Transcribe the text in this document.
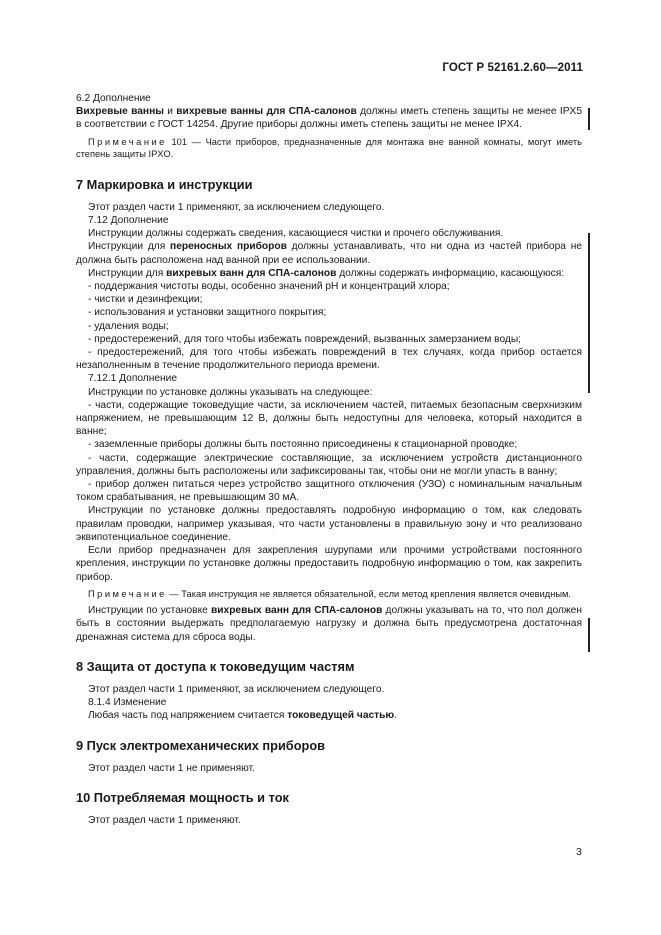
ГОСТ Р 52161.2.60—2011

6.2 Дополнение

Вихревые ванны и вихревые ванны для СПА-салонов должны иметь степень защиты не менее IPX5 в соответствии с ГОСТ 14254. Другие приборы должны иметь степень защиты не менее IPX4.

Примечание 101 — Части приборов, предназначенные для монтажа вне ванной комнаты, могут иметь степень защиты IPXO.

7 Маркировка и инструкции

Этот раздел части 1 применяют, за исключением следующего.

7.12 Дополнение

Инструкции должны содержать сведения, касающиеся чистки и прочего обслуживания.

Инструкции для переносных приборов должны устанавливать, что ни одна из частей прибора не должна быть расположена над ванной при ее использовании.

Инструкции для вихревых ванн для СПА-салонов должны содержать информацию, касающуюся:

- поддержания чистоты воды, особенно значений pH и концентраций хлора;

- чистки и дезинфекции;

- использования и установки защитного покрытия;

- удаления воды;

- предостережений, для того чтобы избежать повреждений, вызванных замерзанием воды;

- предостережений, для того чтобы избежать повреждений в тех случаях, когда прибор остается незаполненным в течение продолжительного периода времени.

7.12.1 Дополнение

Инструкции по установке должны указывать на следующее:

- части, содержащие токоведущие части, за исключением частей, питаемых безопасным сверхнизким напряжением, не превышающим 12 В, должны быть недоступны для человека, который находится в ванне;

- заземленные приборы должны быть постоянно присоединены к стационарной проводке;

- части, содержащие электрические составляющие, за исключением устройств дистанционного управления, должны быть расположены или зафиксированы так, чтобы они не могли упасть в ванну;

- прибор должен питаться через устройство защитного отключения (УЗО) с номинальным начальным током срабатывания, не превышающим 30 мА.

Инструкции по установке должны предоставлять подробную информацию о том, как следовать правилам проводки, например указывая, что части установлены в правильную зону и что реализовано эквипотенциальное соединение.

Если прибор предназначен для закрепления шурупами или прочими устройствами постоянного крепления, инструкции по установке должны предоставить подробную информацию о том, как закрепить прибор.

Примечание — Такая инструкция не является обязательной, если метод крепления является очевидным.

Инструкции по установке вихревых ванн для СПА-салонов должны указывать на то, что пол должен быть в состоянии выдержать предполагаемую нагрузку и должна быть предусмотрена достаточная дренажная система для сброса воды.

8 Защита от доступа к токоведущим частям

Этот раздел части 1 применяют, за исключением следующего.

8.1.4 Изменение

Любая часть под напряжением считается токоведущей частью.

9 Пуск электромеханических приборов

Этот раздел части 1 не применяют.

10 Потребляемая мощность и ток

Этот раздел части 1 применяют.

3
